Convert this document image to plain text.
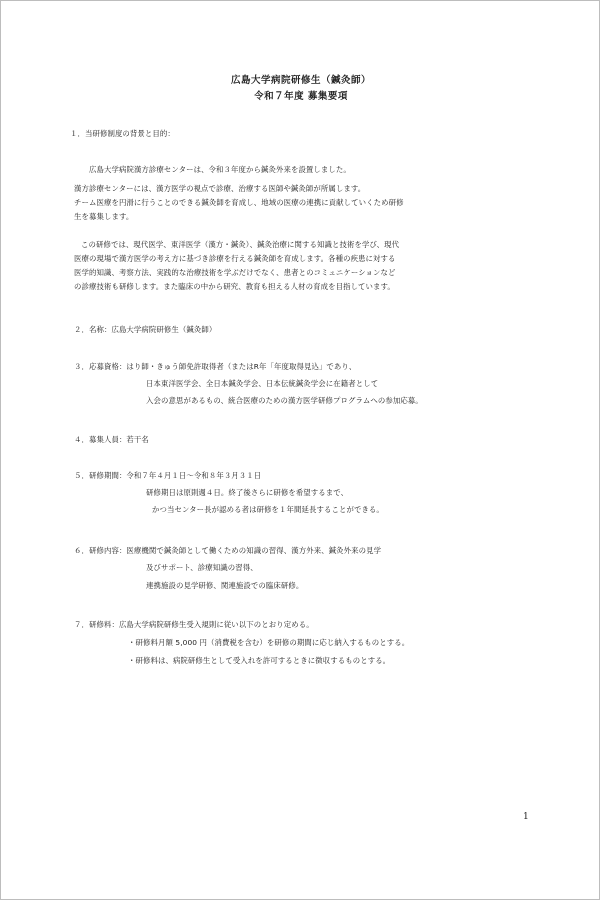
広島大学病院研修生（鍼灸師）
令和７年度 募集要項
１．当研修制度の背景と目的：
広島大学病院漢方診療センターは、令和３年度から鍼灸外来を設置しました。
漢方診療センターには、漢方医学の視点で診療、治療する医師や鍼灸師が所属します。
チーム医療を円滑に行うことのできる鍼灸師を育成し、地域の医療の連携に貢献していくため研修
生を募集します。
この研修では、現代医学、東洋医学（漢方・鍼灸）、鍼灸治療に関する知識と技術を学び、現代
医療の現場で漢方医学の考え方に基づき診療を行える鍼灸師を育成します。各種の疾患に対する
医学的知識、考察方法、実践的な治療技術を学ぶだけでなく、患者とのコミュニケーションなど
の診療技術も研修します。また臨床の中から研究、教育も担える人材の育成を目指しています。
２．名称：広島大学病院研修生（鍼灸師）
３．応募資格：はり師・きゅう師免許取得者（またはR年「年度取得見込」であり、
日本東洋医学会、全日本鍼灸学会、日本伝統鍼灸学会に在籍者として
入会の意思があるもの、統合医療のための漢方医学研修プログラムへの参加応募。
４．募集人員：若干名
５．研修期間：令和７年４月１日～令和８年３月３１日
研修期日は原則週４日。終了後さらに研修を希望するまで、
かつ当センター長が認める者は研修を１年間延長することができる。
６．研修内容：医療機関で鍼灸師として働くための知識の習得、漢方外来、鍼灸外来の見学
及びサポート、診療知識の習得、
連携施設の見学研修、関連施設での臨床研修。
７．研修料：広島大学病院研修生受入規則に従い以下のとおり定める。
・研修料月額 5,000 円（消費税を含む）を研修の期間に応じ納入するものとする。
・研修料は、病院研修生として受入れを許可するときに徴収するものとする。
1
